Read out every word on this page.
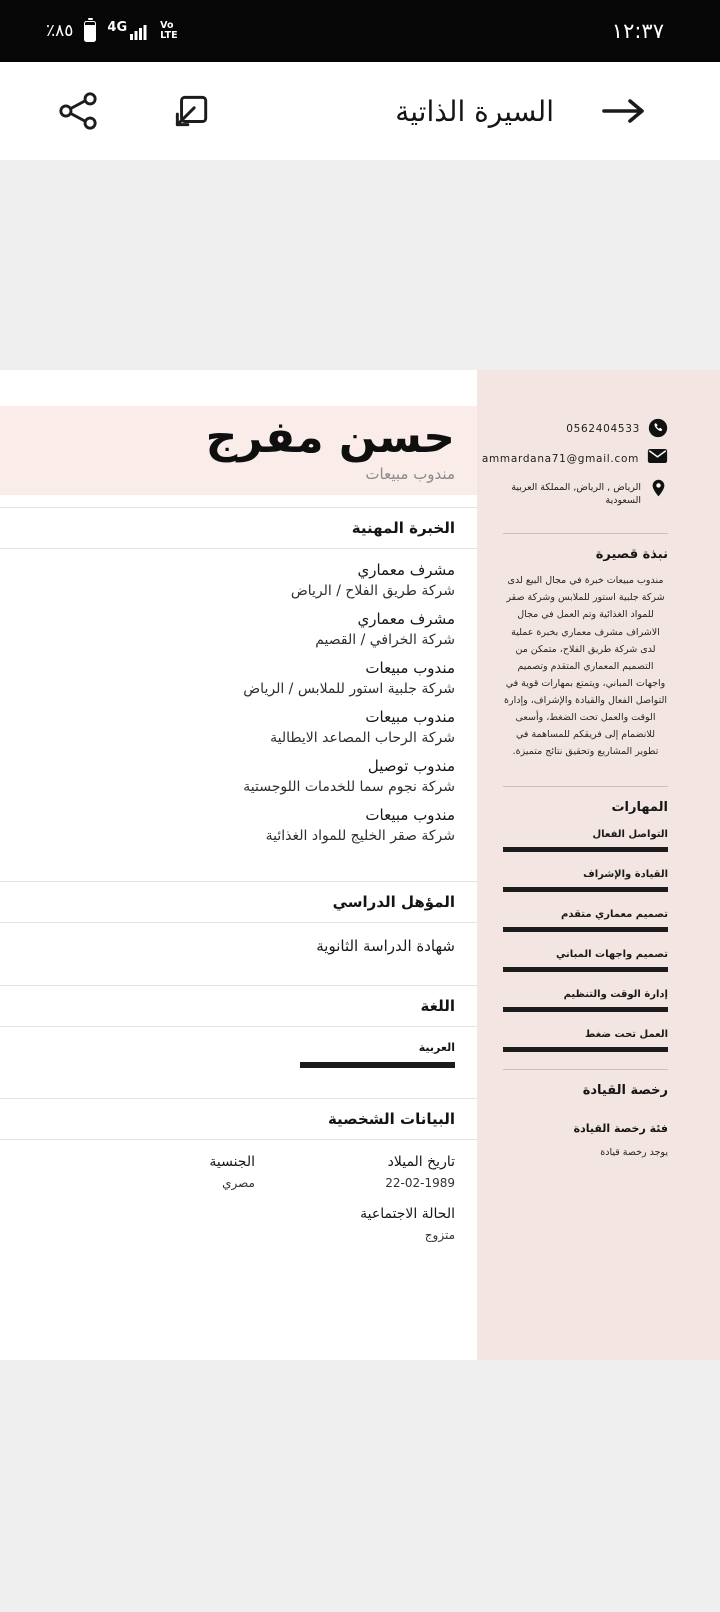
٪٨٥	4G	Vo
LTE	١٢:٣٧
السيرة الذاتية
0562404533
ammardana71@gmail.com
الرياض , الرياض, المملكة العربية السعودية
نبذة قصيرة

مندوب مبيعات خبرة في مجال البيع لدى شركة جلبية استور للملابس وشركة صقر للمواد الغذائية وتم العمل في مجال الاشراف مشرف معماري بخبرة عملية لدى شركة طريق الفلاح، متمكن من التصميم المعماري المتقدم وتصميم واجهات المباني، ويتمتع بمهارات قوية في التواصل الفعال والقيادة والإشراف، وإدارة الوقت والعمل تحت الضغط، وأسعى للانضمام إلى فريقكم للمساهمة في تطوير المشاريع وتحقيق نتائج متميزة.

المهارات
التواصل الفعال
القيادة والإشراف
تصميم معماري متقدم
تصميم واجهات المباني
إدارة الوقت والتنظيم
العمل تحت ضغط
رخصة القيادة
فئة رخصة القيادة
يوجد رخصة قيادة
حسن مفرج
مندوب مبيعات
الخبرة المهنية
مشرف معماري
شركة طريق الفلاح / الرياض
مشرف معماري
شركة الخرافي / القصيم
مندوب مبيعات
شركة جلبية استور للملابس / الرياض
مندوب مبيعات
شركة الرحاب المصاعد الايطالية
مندوب توصيل
شركة نجوم سما للخدمات اللوجستية
مندوب مبيعات
شركة صقر الخليج للمواد الغذائية
المؤهل الدراسي
شهادة الدراسة الثانوية
اللغة
العربية
البيانات الشخصية
تاريخ الميلاد
22-02-1989
الحالة الاجتماعية
متزوج
الجنسية
مصري
